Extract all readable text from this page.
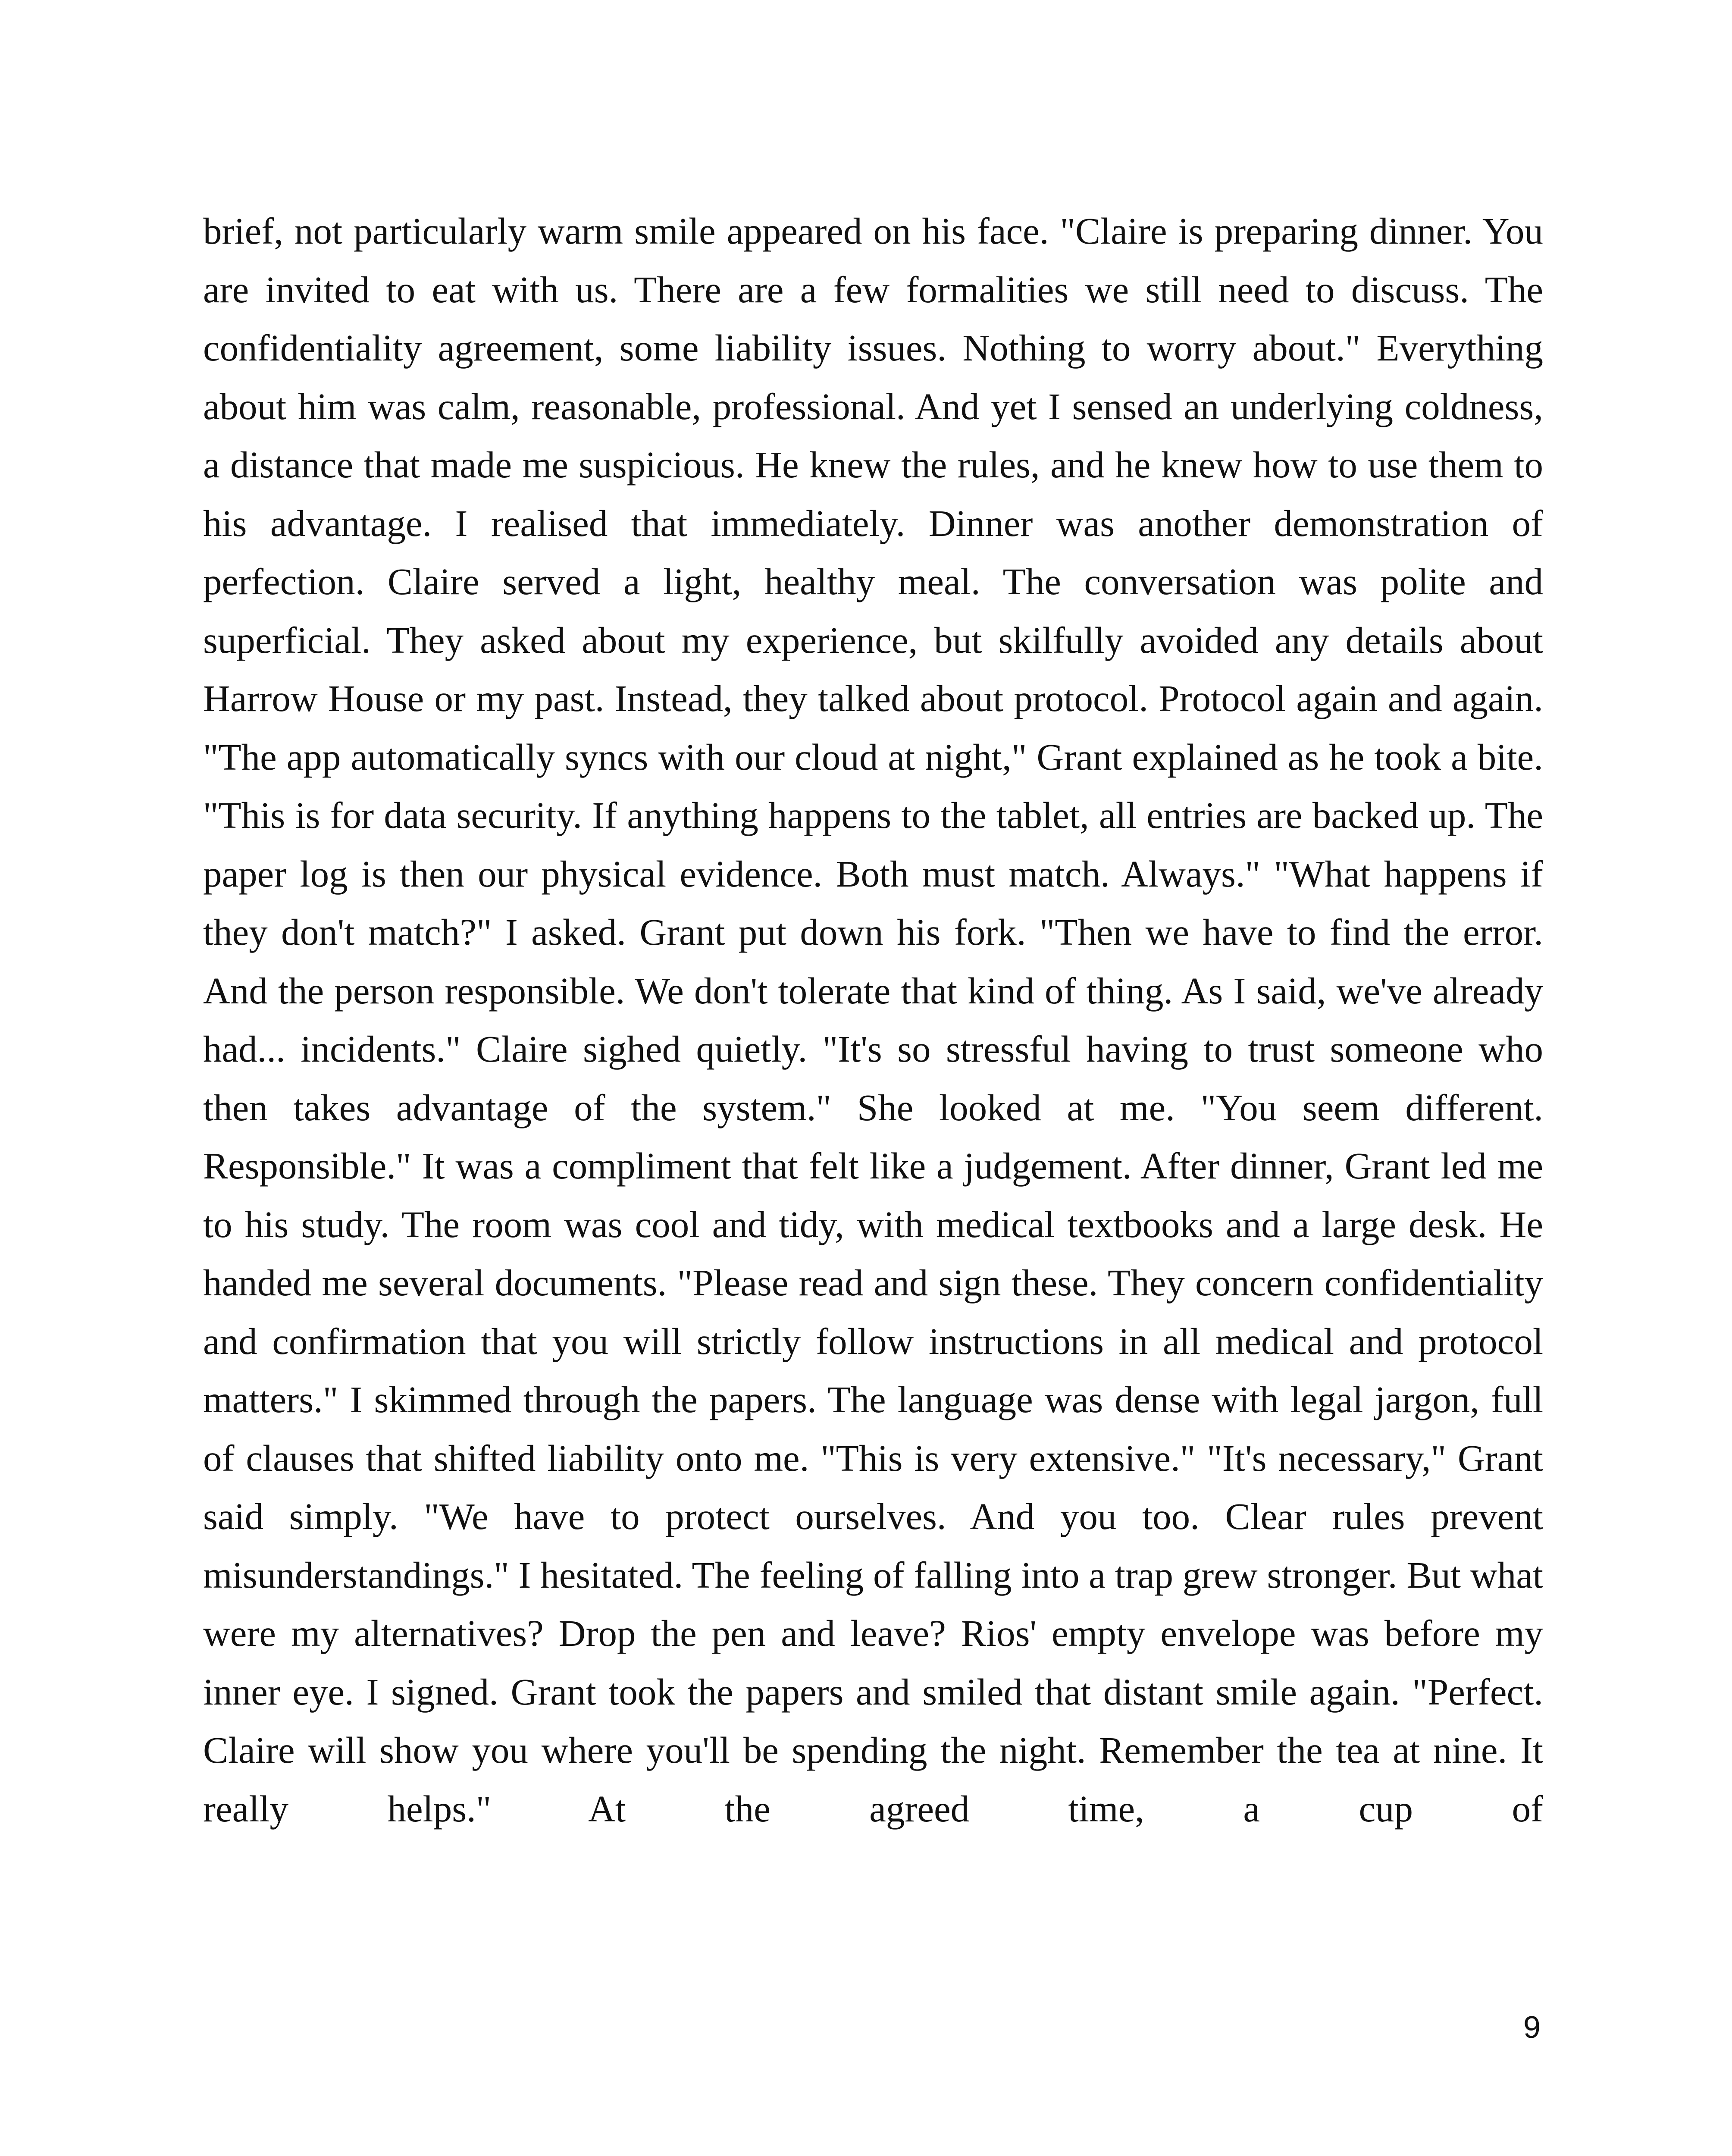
brief, not particularly warm smile appeared on his face. "Claire is preparing dinner. You are invited to eat with us. There are a few formalities we still need to discuss. The confidentiality agreement, some liability issues. Nothing to worry about." Everything about him was calm, reasonable, professional. And yet I sensed an underlying coldness, a distance that made me suspicious. He knew the rules, and he knew how to use them to his advantage. I realised that immediately. Dinner was another demonstration of perfection. Claire served a light, healthy meal. The conversation was polite and superficial. They asked about my experience, but skilfully avoided any details about Harrow House or my past. Instead, they talked about protocol. Protocol again and again. "The app automatically syncs with our cloud at night," Grant explained as he took a bite. "This is for data security. If anything happens to the tablet, all entries are backed up. The paper log is then our physical evidence. Both must match. Always." "What happens if they don't match?" I asked. Grant put down his fork. "Then we have to find the error. And the person responsible. We don't tolerate that kind of thing. As I said, we've already had... incidents." Claire sighed quietly. "It's so stressful having to trust someone who then takes advantage of the system." She looked at me. "You seem different. Responsible." It was a compliment that felt like a judgement. After dinner, Grant led me to his study. The room was cool and tidy, with medical textbooks and a large desk. He handed me several documents. "Please read and sign these. They concern confidentiality and confirmation that you will strictly follow instructions in all medical and protocol matters." I skimmed through the papers. The language was dense with legal jargon, full of clauses that shifted liability onto me. "This is very extensive." "It's necessary," Grant said simply. "We have to protect ourselves. And you too. Clear rules prevent misunderstandings." I hesitated. The feeling of falling into a trap grew stronger. But what were my alternatives? Drop the pen and leave? Rios' empty envelope was before my inner eye. I signed. Grant took the papers and smiled that distant smile again. "Perfect. Claire will show you where you'll be spending the night. Remember the tea at nine. It really helps." At the agreed time, a cup of

9
